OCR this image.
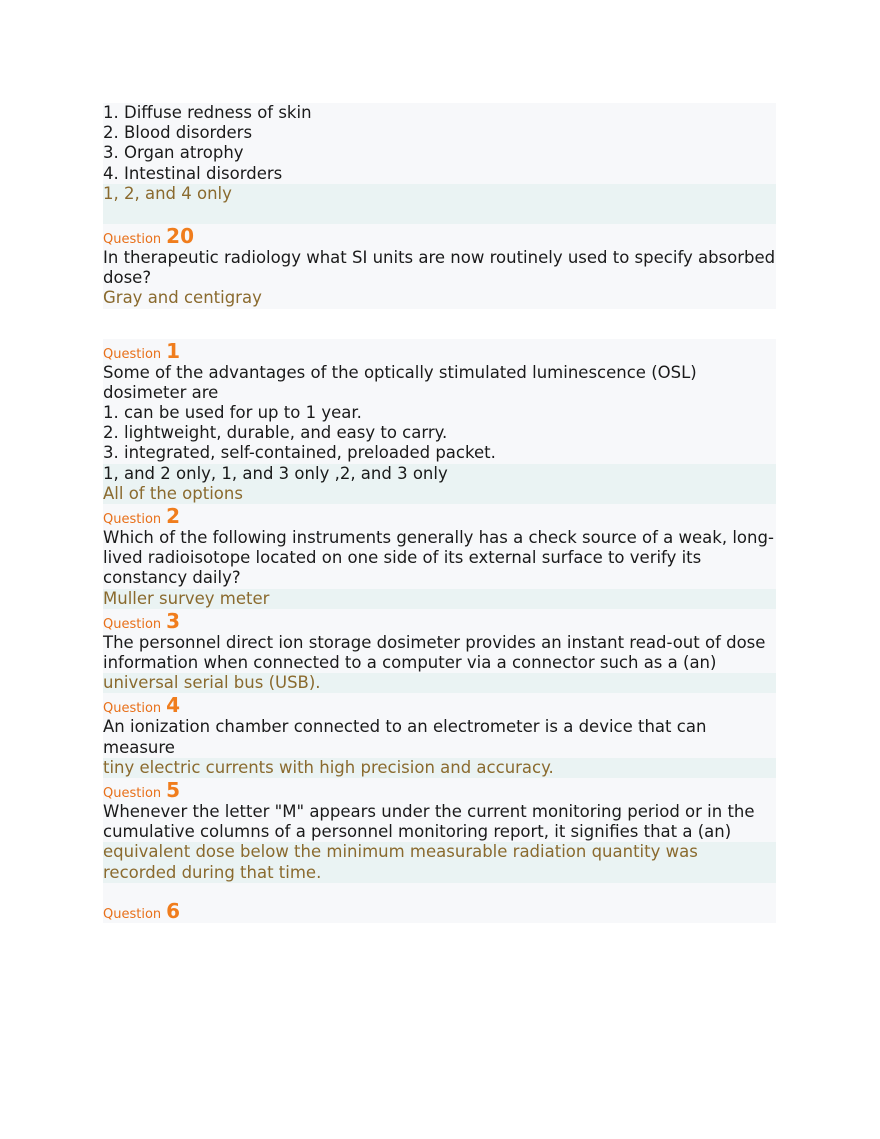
1. Diffuse redness of skin
2. Blood disorders
3. Organ atrophy
4. Intestinal disorders
1, 2, and 4 only
Question 20
In therapeutic radiology what SI units are now routinely used to specify absorbed dose?
Gray and centigray
Question 1
Some of the advantages of the optically stimulated luminescence (OSL) dosimeter are
1. can be used for up to 1 year.
2. lightweight, durable, and easy to carry.
3. integrated, self-contained, preloaded packet.
1, and 2 only, 1, and 3 only ,2, and 3 only
All of the options
Question 2
Which of the following instruments generally has a check source of a weak, long-lived radioisotope located on one side of its external surface to verify its constancy daily?
Muller survey meter
Question 3
The personnel direct ion storage dosimeter provides an instant read-out of dose information when connected to a computer via a connector such as a (an)
universal serial bus (USB).
Question 4
An ionization chamber connected to an electrometer is a device that can measure
tiny electric currents with high precision and accuracy.
Question 5
Whenever the letter "M" appears under the current monitoring period or in the cumulative columns of a personnel monitoring report, it signifies that a (an)
equivalent dose below the minimum measurable radiation quantity was recorded during that time.
Question 6
